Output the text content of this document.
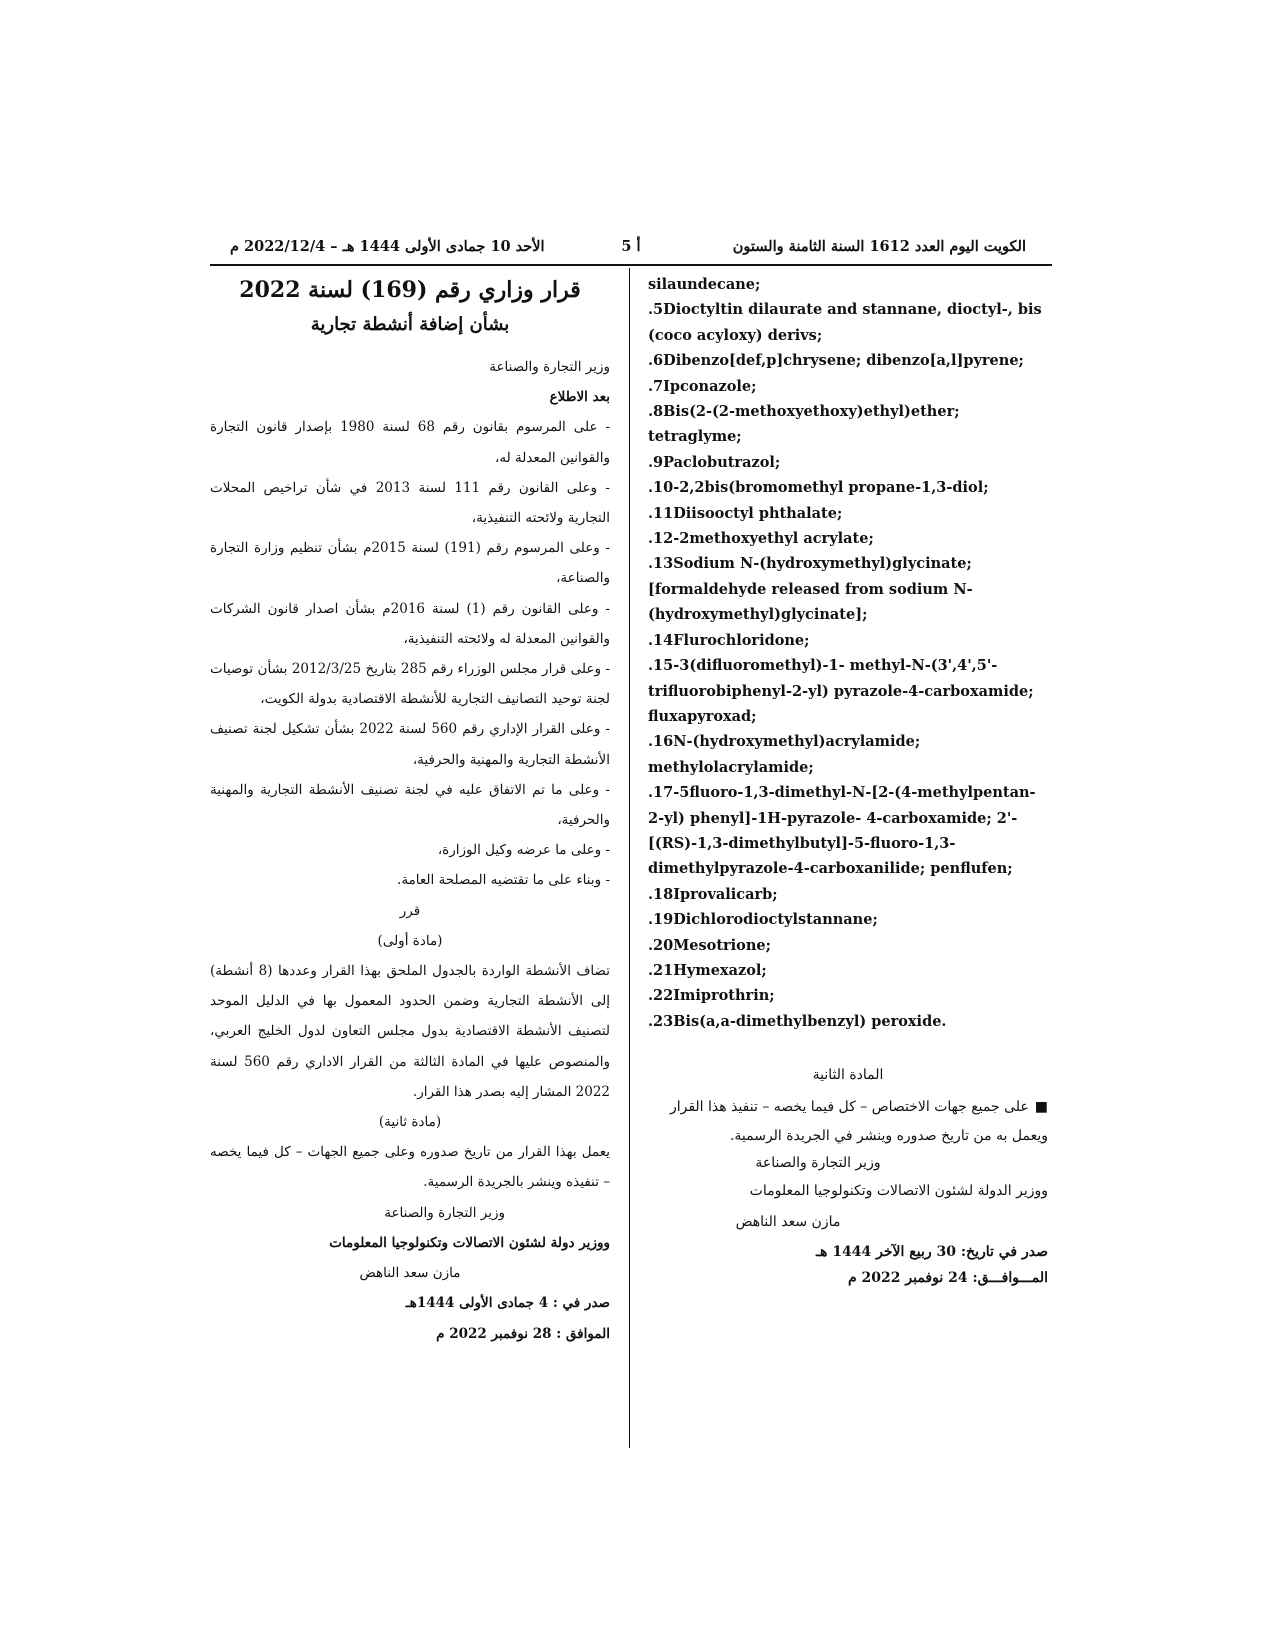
الكويت اليوم العدد 1612 السنة الثامنة والستون
أ 5
الأحد 10 جمادى الأولى 1444 هـ – 2022/12/4 م

silaundecane;

.5Dioctyltin dilaurate and stannane, dioctyl-, bis (coco acyloxy) derivs;

.6Dibenzo[def,p]chrysene; dibenzo[a,l]pyrene;

.7Ipconazole;

.8Bis(2-(2-methoxyethoxy)ethyl)ether; tetraglyme;

.9Paclobutrazol;

.10-2,2bis(bromomethyl propane-1,3-diol;

.11Diisooctyl phthalate;

.12-2methoxyethyl acrylate;

.13Sodium N-(hydroxymethyl)glycinate; [formaldehyde released from sodium N-(hydroxymethyl)glycinate];

.14Flurochloridone;

.15-3(difluoromethyl)-1- methyl-N-(3',4',5'-trifluorobiphenyl-2-yl) pyrazole-4-carboxamide; fluxapyroxad;

.16N-(hydroxymethyl)acrylamide; methylolacrylamide;

.17-5fluoro-1,3-dimethyl-N-[2-(4-methylpentan-2-yl) phenyl]-1H-pyrazole- 4-carboxamide; 2'- [(RS)-1,3-dimethylbutyl]-5-fluoro-1,3-dimethylpyrazole-4-carboxanilide; penflufen;

.18Iprovalicarb;

.19Dichlorodioctylstannane;

.20Mesotrione;

.21Hymexazol;

.22Imiprothrin;

.23Bis(a,a-dimethylbenzyl) peroxide.

المادة الثانية
■على جميع جهات الاختصاص – كل فيما يخصه – تنفيذ هذا القرار ويعمل به من تاريخ صدوره وينشر في الجريدة الرسمية.
وزير التجارة والصناعة
ووزير الدولة لشئون الاتصالات وتكنولوجيا المعلومات
مازن سعد الناهض
صدر في تاريخ: 30 ربيع الآخر 1444 هـ
المـــوافـــق: 24 نوفمبر 2022 م
قرار وزاري رقم (169) لسنة 2022
بشأن إضافة أنشطة تجارية

وزير التجارة والصناعة

بعد الاطلاع

- على المرسوم بقانون رقم 68 لسنة 1980 بإصدار قانون التجارة والقوانين المعدلة له،

- وعلى القانون رقم 111 لسنة 2013 في شأن تراخيص المحلات التجارية ولائحته التنفيذية،

- وعلى المرسوم رقم (191) لسنة 2015م بشأن تنظيم وزارة التجارة والصناعة،

- وعلى القانون رقم (1) لسنة 2016م بشأن اصدار قانون الشركات والقوانين المعدلة له ولائحته التنفيذية،

- وعلى قرار مجلس الوزراء رقم 285 بتاريخ 2012/3/25 بشأن توصيات لجنة توحيد التصانيف التجارية للأنشطة الاقتصادية بدولة الكويت،

- وعلى القرار الإداري رقم 560 لسنة 2022 بشأن تشكيل لجنة تصنيف الأنشطة التجارية والمهنية والحرفية،

- وعلى ما تم الاتفاق عليه في لجنة تصنيف الأنشطة التجارية والمهنية والحرفية،

- وعلى ما عرضه وكيل الوزارة،

- وبناء على ما تقتضيه المصلحة العامة.

قرر

(مادة أولى)

تضاف الأنشطة الواردة بالجدول الملحق بهذا القرار وعددها (8 أنشطة) إلى الأنشطة التجارية وضمن الحدود المعمول بها في الدليل الموحد لتصنيف الأنشطة الاقتصادية بدول مجلس التعاون لدول الخليج العربي، والمنصوص عليها في المادة الثالثة من القرار الاداري رقم 560 لسنة 2022 المشار إليه بصدر هذا القرار.

(مادة ثانية)

يعمل بهذا القرار من تاريخ صدوره وعلى جميع الجهات – كل فيما يخصه – تنفيذه وينشر بالجريدة الرسمية.

وزير التجارة والصناعة

ووزير دولة لشئون الاتصالات وتكنولوجيا المعلومات

مازن سعد الناهض

صدر في : 4 جمادى الأولى 1444هـ

الموافق : 28 نوفمبر 2022 م
